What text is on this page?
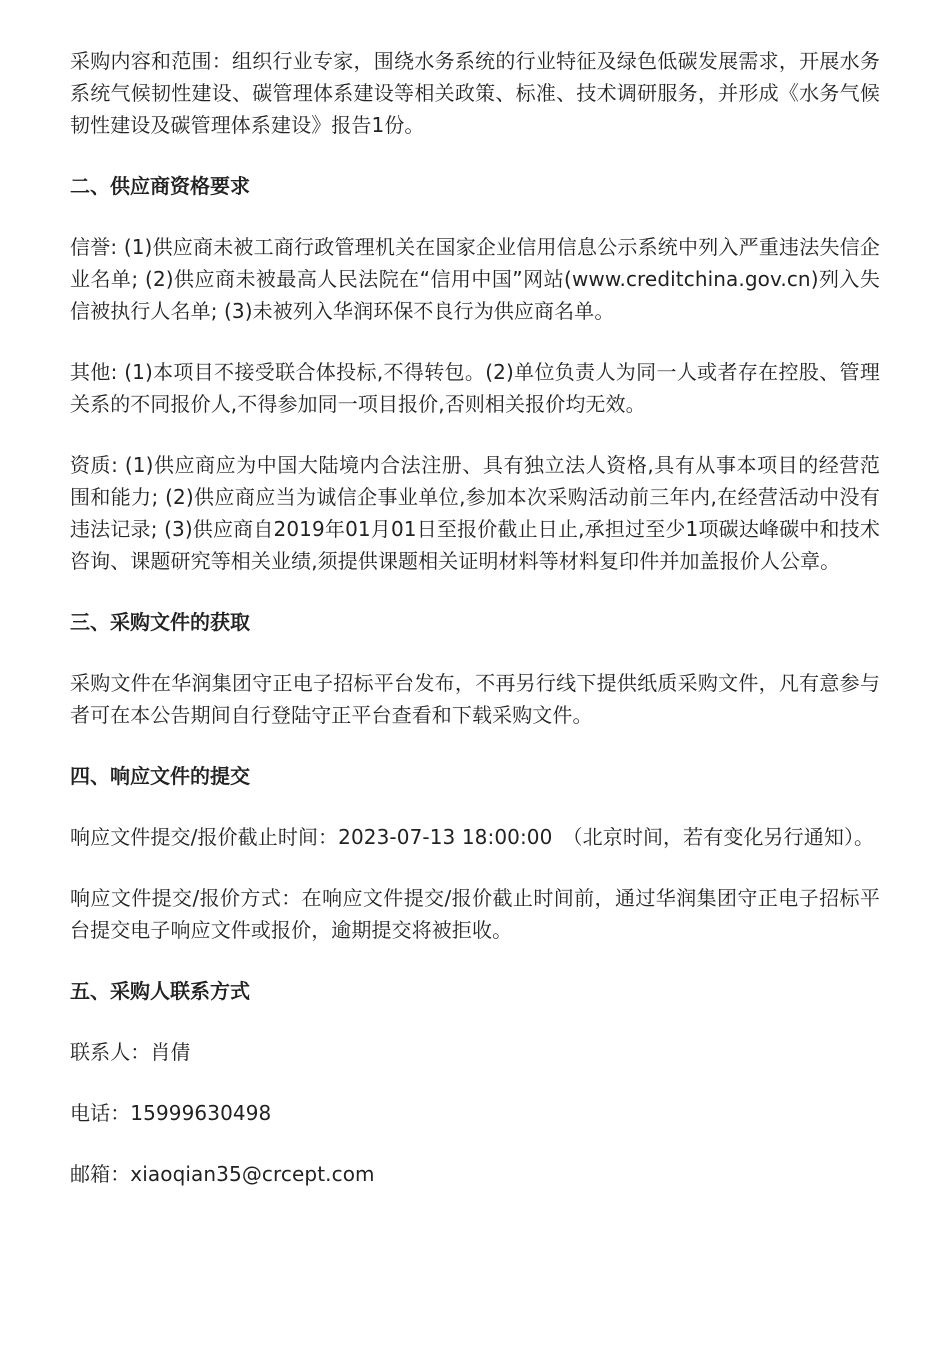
采购内容和范围：组织行业专家，围绕水务系统的行业特征及绿色低碳发展需求，开展水务系统气候韧性建设、碳管理体系建设等相关政策、标准、技术调研服务，并形成《水务气候韧性建设及碳管理体系建设》报告1份。

二、供应商资格要求

信誉: (1)供应商未被工商行政管理机关在国家企业信用信息公示系统中列入严重违法失信企业名单; (2)供应商未被最高人民法院在“信用中国”网站(www.creditchina.gov.cn)列入失信被执行人名单; (3)未被列入华润环保不良行为供应商名单。

其他: (1)本项目不接受联合体投标,不得转包。(2)单位负责人为同一人或者存在控股、管理关系的不同报价人,不得参加同一项目报价,否则相关报价均无效。

资质: (1)供应商应为中国大陆境内合法注册、具有独立法人资格,具有从事本项目的经营范围和能力; (2)供应商应当为诚信企事业单位,参加本次采购活动前三年内,在经营活动中没有违法记录; (3)供应商自2019年01月01日至报价截止日止,承担过至少1项碳达峰碳中和技术咨询、课题研究等相关业绩,须提供课题相关证明材料等材料复印件并加盖报价人公章。

三、采购文件的获取

采购文件在华润集团守正电子招标平台发布，不再另行线下提供纸质采购文件，凡有意参与者可在本公告期间自行登陆守正平台查看和下载采购文件。

四、响应文件的提交

响应文件提交/报价截止时间：2023-07-13 18:00:00　（北京时间，若有变化另行通知）。

响应文件提交/报价方式：在响应文件提交/报价截止时间前，通过华润集团守正电子招标平台提交电子响应文件或报价，逾期提交将被拒收。

五、采购人联系方式

联系人：肖倩

电话：15999630498

邮箱：xiaoqian35@crcept.com
